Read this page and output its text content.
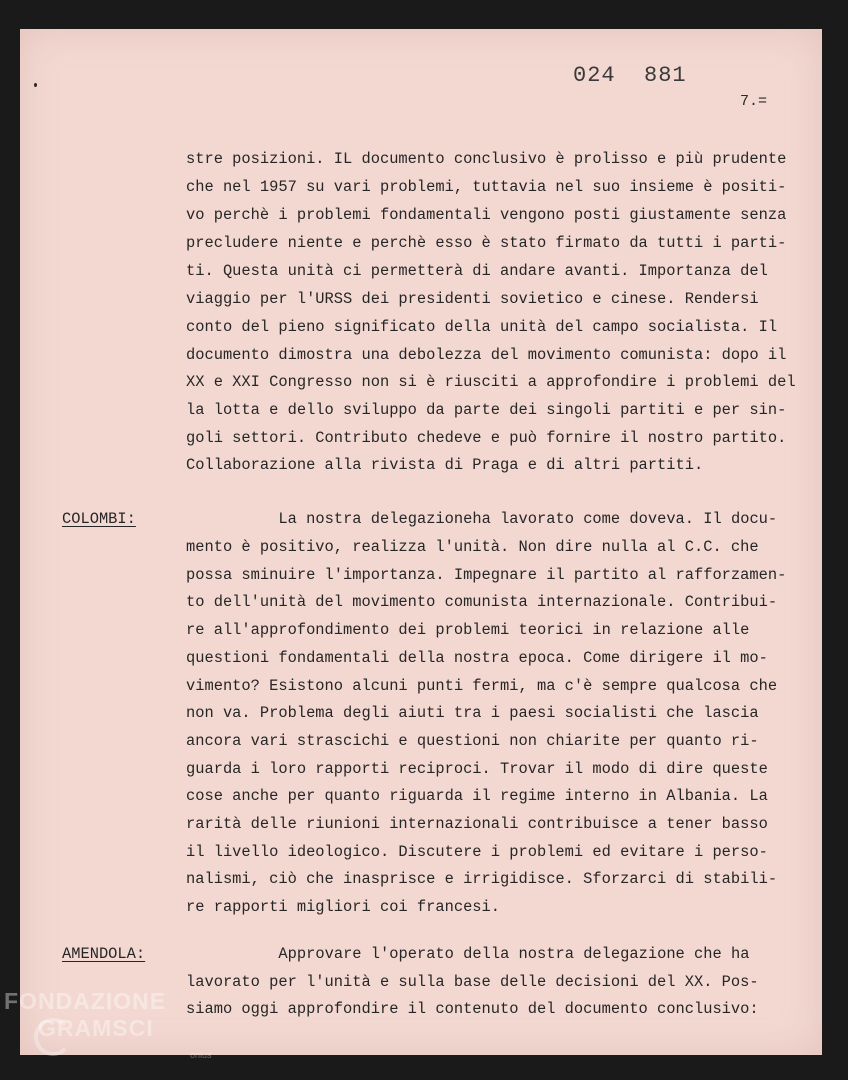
024  881
7.=
stre posizioni. IL documento conclusivo è prolisso e più prudente
che nel 1957 su vari problemi, tuttavia nel suo insieme è positi-
vo perchè i problemi fondamentali vengono posti giustamente senza
precludere niente e perchè esso è stato firmato da tutti i parti-
ti. Questa unità ci permetterà di andare avanti. Importanza del
viaggio per l'URSS dei presidenti sovietico e cinese. Rendersi
conto del pieno significato della unità del campo socialista. Il
documento dimostra una debolezza del movimento comunista: dopo il
XX e XXI Congresso non si è riusciti a approfondire i problemi del
la lotta e dello sviluppo da parte dei singoli partiti e per sin-
goli settori. Contributo chedeve e può fornire il nostro partito.
Collaborazione alla rivista di Praga e di altri partiti.
COLOMBI:	La nostra delegazioneha lavorato come doveva. Il docu-
mento è positivo, realizza l'unità. Non dire nulla al C.C. che
possa sminuire l'importanza. Impegnare il partito al rafforzamen-
to dell'unità del movimento comunista internazionale. Contribui-
re all'approfondimento dei problemi teorici in relazione alle
questioni fondamentali della nostra epoca. Come dirigere il mo-
vimento? Esistono alcuni punti fermi, ma c'è sempre qualcosa che
non va. Problema degli aiuti tra i paesi socialisti che lascia
ancora vari strascichi e questioni non chiarite per quanto ri-
guarda i loro rapporti reciproci. Trovar il modo di dire queste
cose anche per quanto riguarda il regime interno in Albania. La
rarità delle riunioni internazionali contribuisce a tener basso
il livello ideologico. Discutere i problemi ed evitare i perso-
nalismi, ciò che inasprisce e irrigidisce. Sforzarci di stabili-
re rapporti migliori coi francesi.
AMENDOLA:	Approvare l'operato della nostra delegazione che ha
lavorato per l'unità e sulla base delle decisioni del XX. Pos-
siamo oggi approfondire il contenuto del documento conclusivo:
FONDAZIONE
GRAMSCI
onlus
